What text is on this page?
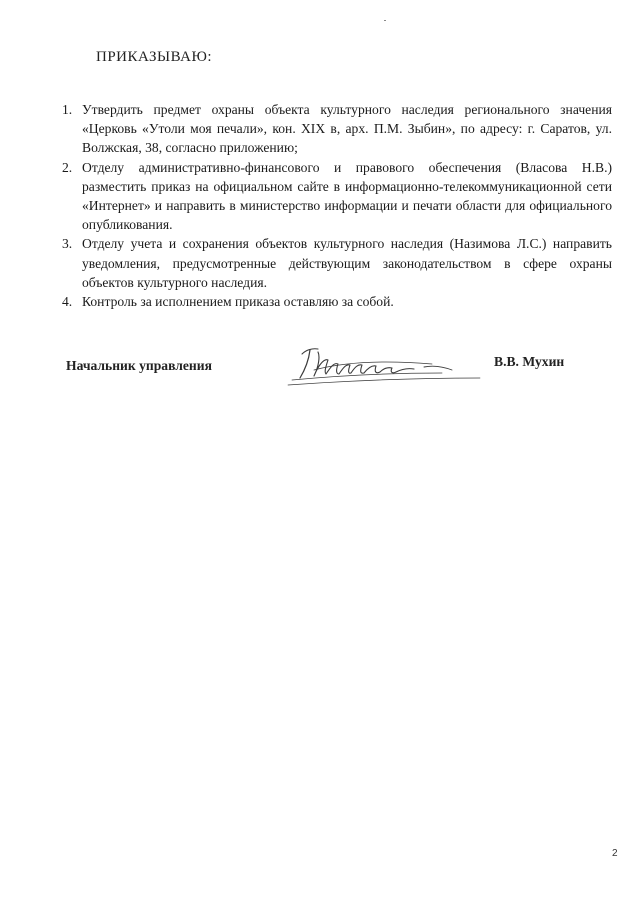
ПРИКАЗЫВАЮ:
1. Утвердить предмет охраны объекта культурного наследия регионального значения «Церковь «Утоли моя печали», кон. XIX в, арх. П.М. Зыбин», по адресу: г. Саратов, ул. Волжская, 38, согласно приложению;
2. Отделу административно-финансового и правового обеспечения (Власова Н.В.) разместить приказ на официальном сайте в информационно-телекоммуникационной сети «Интернет» и направить в министерство информации и печати области для официального опубликования.
3. Отделу учета и сохранения объектов культурного наследия (Назимова Л.С.) направить уведомления, предусмотренные действующим законодательством в сфере охраны объектов культурного наследия.
4. Контроль за исполнением приказа оставляю за собой.
Начальник управления	В.В. Мухин
2
